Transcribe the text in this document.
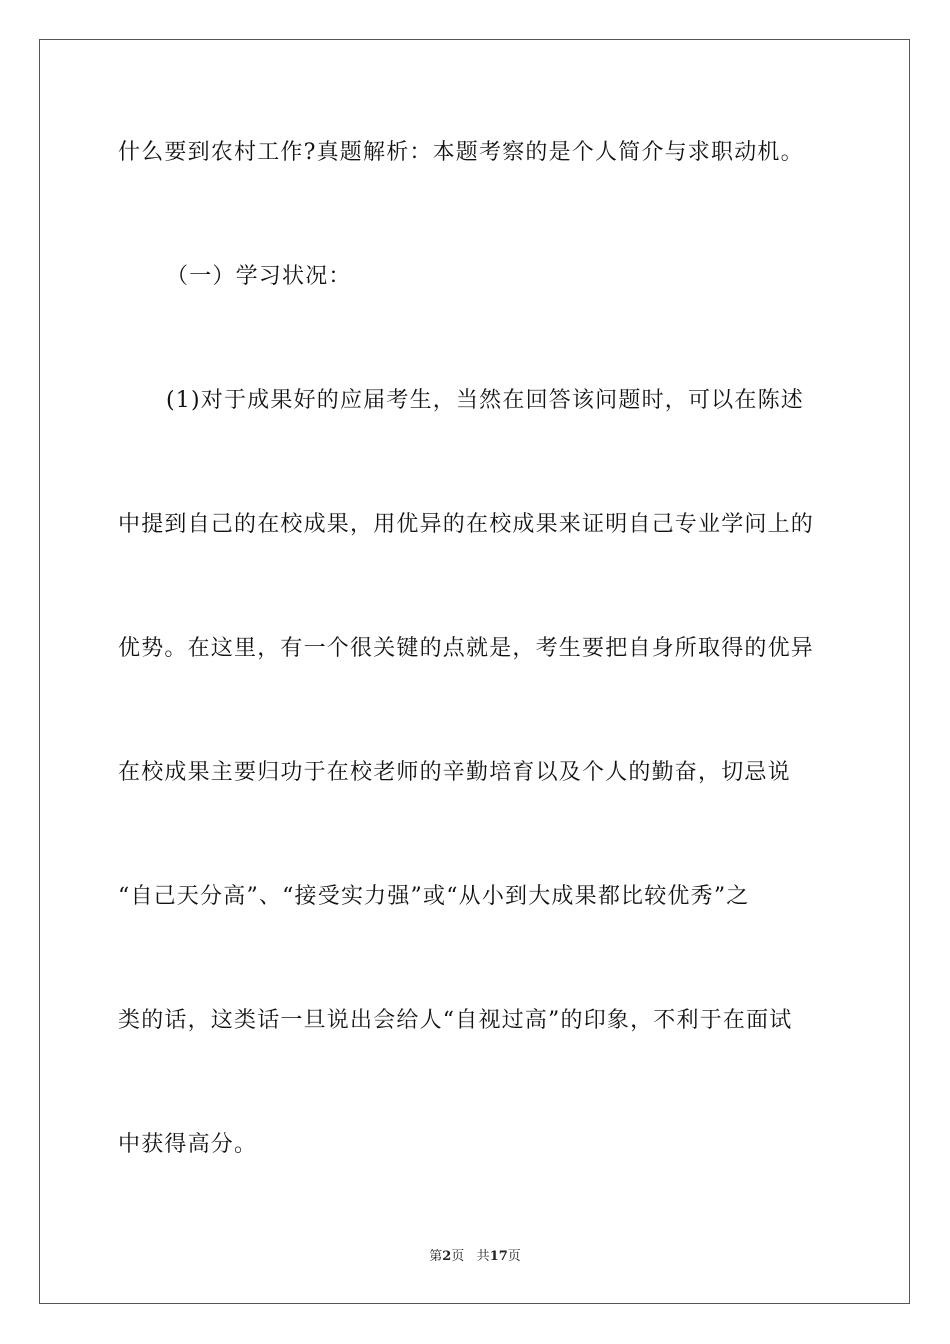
什么要到农村工作?真题解析：本题考察的是个人简介与求职动机。
（一）学习状况：
(1)对于成果好的应届考生，当然在回答该问题时，可以在陈述
中提到自己的在校成果，用优异的在校成果来证明自己专业学问上的
优势。在这里，有一个很关键的点就是，考生要把自身所取得的优异
在校成果主要归功于在校老师的辛勤培育以及个人的勤奋，切忌说
“自己天分高”、“接受实力强”或“从小到大成果都比较优秀”之
类的话，这类话一旦说出会给人“自视过高”的印象，不利于在面试
中获得高分。
第2页 共17页
